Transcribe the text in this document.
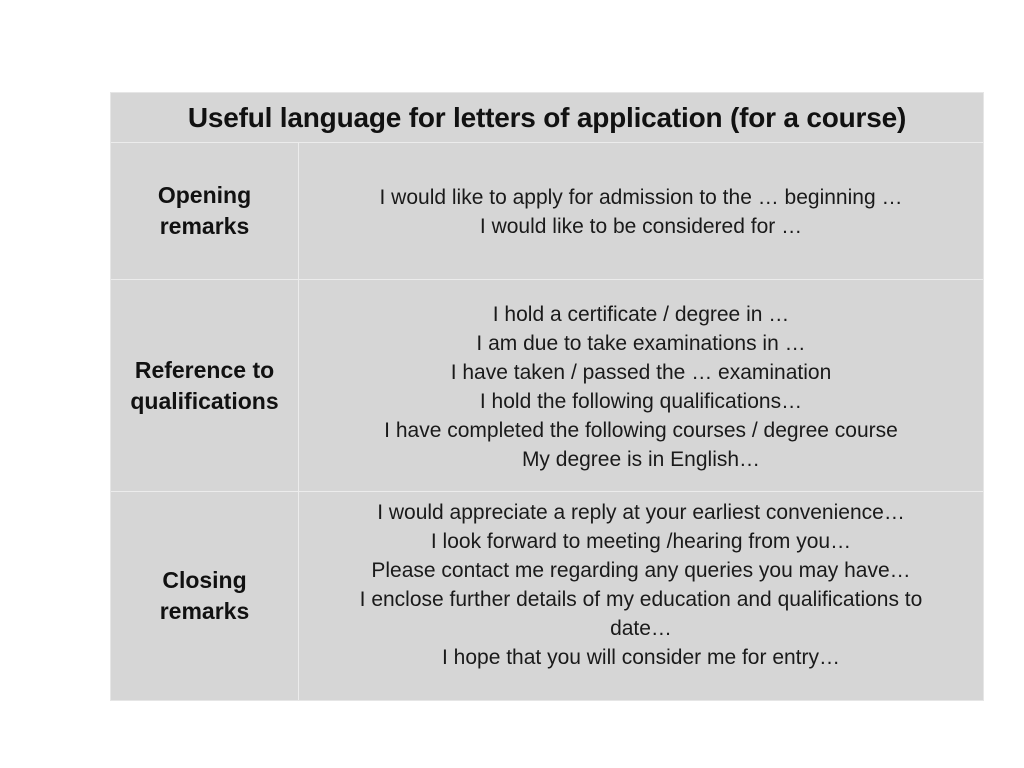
Useful language for letters of application (for a course)
Opening
remarks
I would like to apply for admission to the … beginning …
I would like to be considered for …
Reference to
qualifications
I hold a certificate / degree in …
I am due to take examinations in …
I have taken / passed the … examination
I hold the following qualifications…
I have completed the following courses / degree course
My degree is in English…
Closing
remarks
I would appreciate a reply at your earliest convenience…
I look forward to meeting /hearing from you…
Please contact me regarding any queries you may have…
I enclose further details of my education and qualifications to
date…
I hope that you will consider me for entry…
